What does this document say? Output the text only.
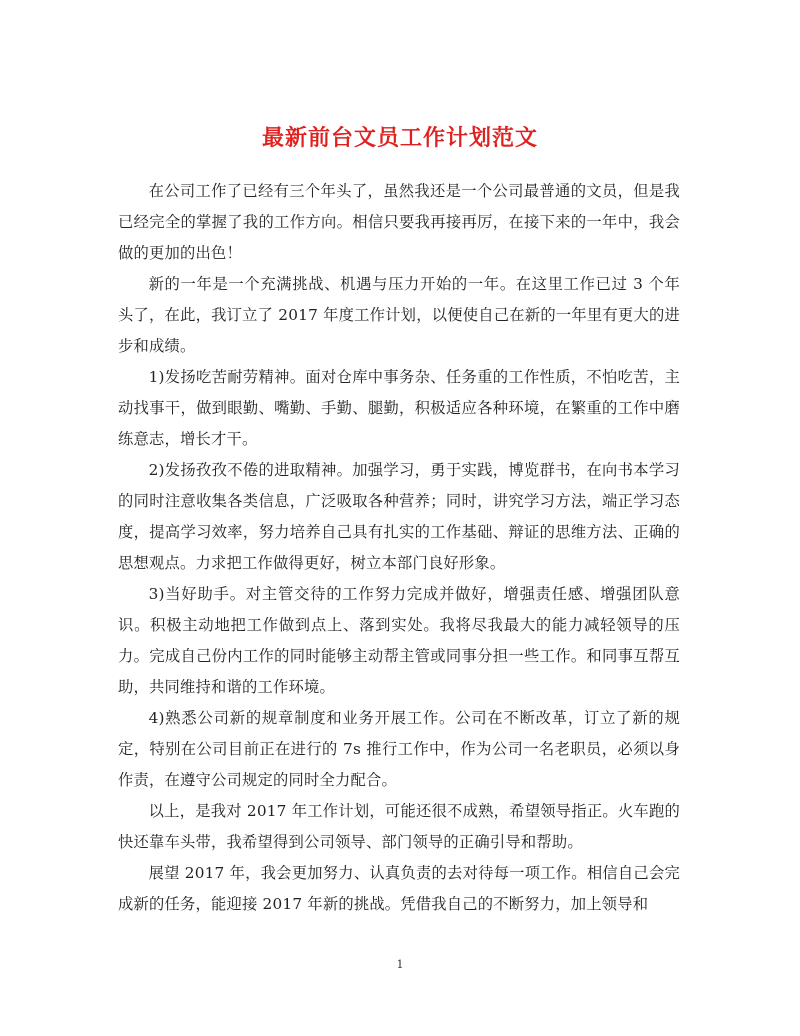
最新前台文员工作计划范文

在公司工作了已经有三个年头了，虽然我还是一个公司最普通的文员，但是我已经完全的掌握了我的工作方向。相信只要我再接再厉，在接下来的一年中，我会做的更加的出色！

新的一年是一个充满挑战、机遇与压力开始的一年。在这里工作已过 3 个年头了，在此，我订立了 2017 年度工作计划，以便使自己在新的一年里有更大的进步和成绩。

1)发扬吃苦耐劳精神。面对仓库中事务杂、任务重的工作性质，不怕吃苦，主动找事干，做到眼勤、嘴勤、手勤、腿勤，积极适应各种环境，在繁重的工作中磨练意志，增长才干。

2)发扬孜孜不倦的进取精神。加强学习，勇于实践，博览群书，在向书本学习的同时注意收集各类信息，广泛吸取各种营养；同时，讲究学习方法，端正学习态度，提高学习效率，努力培养自己具有扎实的工作基础、辩证的思维方法、正确的思想观点。力求把工作做得更好，树立本部门良好形象。

3)当好助手。对主管交待的工作努力完成并做好，增强责任感、增强团队意识。积极主动地把工作做到点上、落到实处。我将尽我最大的能力减轻领导的压力。完成自己份内工作的同时能够主动帮主管或同事分担一些工作。和同事互帮互助，共同维持和谐的工作环境。

4)熟悉公司新的规章制度和业务开展工作。公司在不断改革，订立了新的规定，特别在公司目前正在进行的 7s 推行工作中，作为公司一名老职员，必须以身作责，在遵守公司规定的同时全力配合。

以上，是我对 2017 年工作计划，可能还很不成熟，希望领导指正。火车跑的快还靠车头带，我希望得到公司领导、部门领导的正确引导和帮助。

展望 2017 年，我会更加努力、认真负责的去对待每一项工作。相信自己会完成新的任务，能迎接 2017 年新的挑战。凭借我自己的不断努力，加上领导和

1
